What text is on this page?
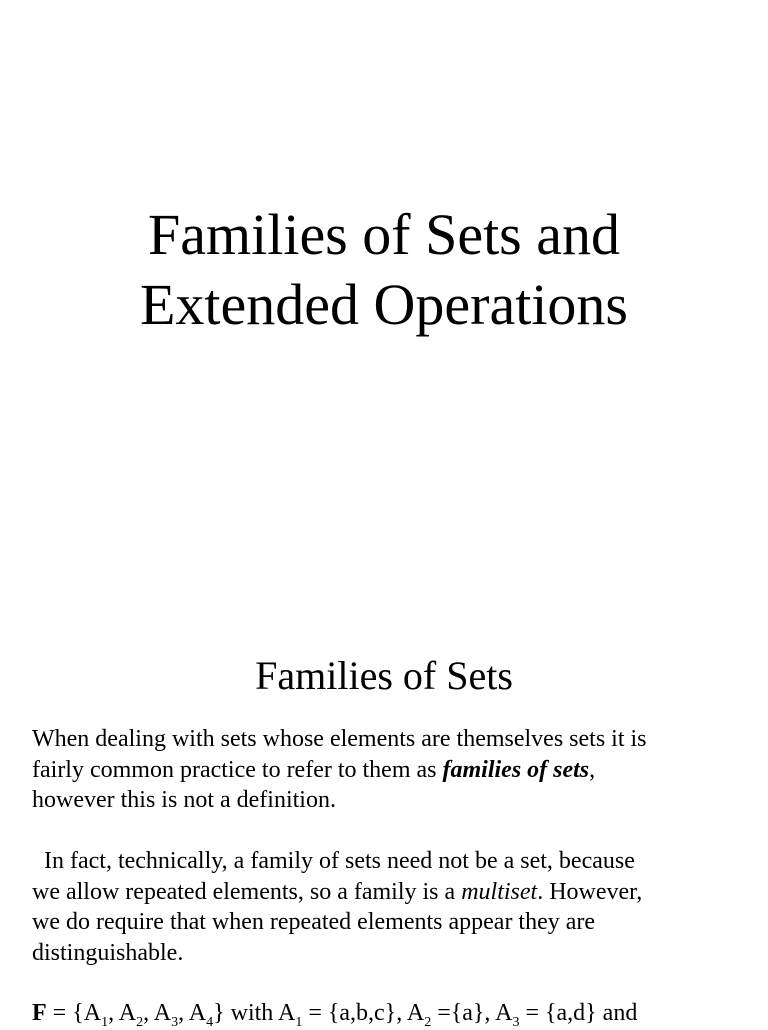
Families of Sets and
Extended Operations
Families of Sets
When dealing with sets whose elements are themselves sets it is
fairly common practice to refer to them as families of sets,
however this is not a definition.
In fact, technically, a family of sets need not be a set, because
we allow repeated elements, so a family is a multiset. However,
we do require that when repeated elements appear they are
distinguishable.
$F = \{A_1$, $A_2$, $A_3$, $A_4$} with $A_1 = \{a,b,c\}$, $A_2 =\{a\}$, $A_3 = \{a,d\}$ and
